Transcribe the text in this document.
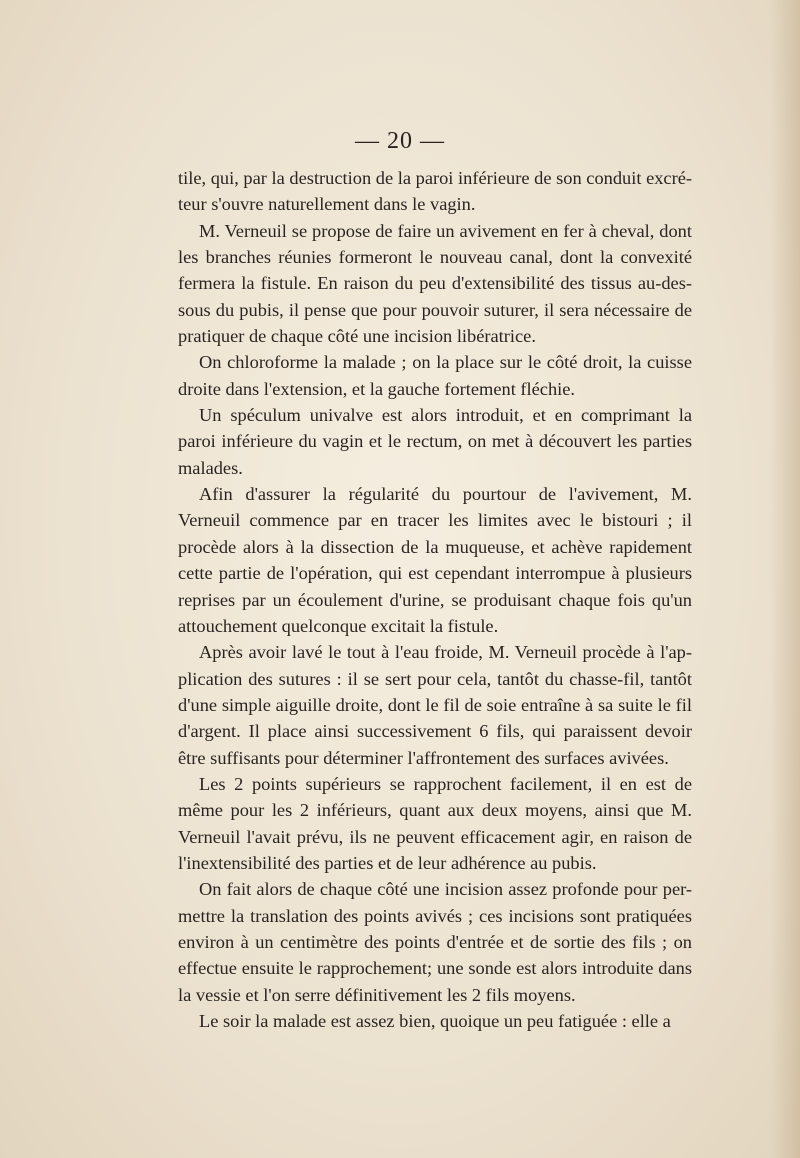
— 20 —

tile, qui, par la destruction de la paroi inférieure de son conduit excré-teur s'ouvre naturellement dans le vagin.

M. Verneuil se propose de faire un avivement en fer à cheval, dont les branches réunies formeront le nouveau canal, dont la convexité fermera la fistule. En raison du peu d'extensibilité des tissus au-des-sous du pubis, il pense que pour pouvoir suturer, il sera nécessaire de pratiquer de chaque côté une incision libératrice.

On chloroforme la malade ; on la place sur le côté droit, la cuisse droite dans l'extension, et la gauche fortement fléchie.

Un spéculum univalve est alors introduit, et en comprimant la paroi inférieure du vagin et le rectum, on met à découvert les parties malades.

Afin d'assurer la régularité du pourtour de l'avivement, M. Verneuil commence par en tracer les limites avec le bistouri ; il procède alors à la dissection de la muqueuse, et achève rapidement cette partie de l'opération, qui est cependant interrompue à plusieurs reprises par un écoulement d'urine, se produisant chaque fois qu'un attouchement quelconque excitait la fistule.

Après avoir lavé le tout à l'eau froide, M. Verneuil procède à l'ap-plication des sutures : il se sert pour cela, tantôt du chasse-fil, tantôt d'une simple aiguille droite, dont le fil de soie entraîne à sa suite le fil d'argent. Il place ainsi successivement 6 fils, qui paraissent devoir être suffisants pour déterminer l'affrontement des surfaces avivées.

Les 2 points supérieurs se rapprochent facilement, il en est de même pour les 2 inférieurs, quant aux deux moyens, ainsi que M. Verneuil l'avait prévu, ils ne peuvent efficacement agir, en raison de l'inextensibilité des parties et de leur adhérence au pubis.

On fait alors de chaque côté une incision assez profonde pour per-mettre la translation des points avivés ; ces incisions sont pratiquées environ à un centimètre des points d'entrée et de sortie des fils ; on effectue ensuite le rapprochement; une sonde est alors introduite dans la vessie et l'on serre définitivement les 2 fils moyens.

Le soir la malade est assez bien, quoique un peu fatiguée : elle a
